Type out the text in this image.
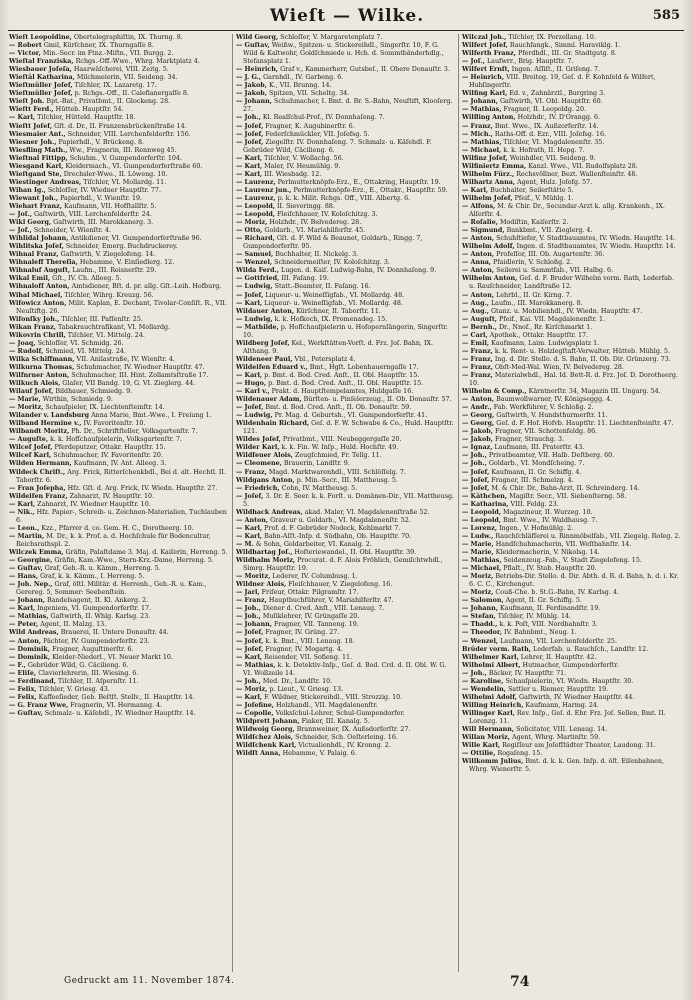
Wieſt — Wilke.	585

Wieſt Leopoldine, Obertelegraphiſtin, IX. Thurng. 8.

— Robert Gmil, Kürſchner, IX. Thurngaſſe 8.

— Victor, Min.-Secr. im Ftnz.-Miſtn., VII. Burgg. 2.

Wieſtal Franziska, Rchgs.-Off.-Wwe., Whrg. Marktplatz 4.

Wiesbauer Joſeſa, Haarwäſcherei, VIII. Zeitg. 5.

Wieſtäl Katharina, Milchmeierin, VII. Seideng. 34.

Wieſtmüller Joſef, Tiſchler, IX. Lazaretg. 17.

Wieſtmüller Joſef, p. Rchgs.-Off., II. Calefianergaſſe 8.

Wieſt Joh. Bpt.-Bat., Privatbmt., II. Glockeng. 28.

Wieſtt Ferd., Hütteb. Hauptſtr. 54.

— Karl, Tiſchler, Hütteld. Hauptſtr. 18.

Wieſtt Joſef, Gſt. d. Dr., II. Franzensbrückenſtraße 14.

Wiesmaier Ant., Schneider, VIII. Lerchenfelderſtr. 156.

Wiesner Joh., Papierhdl., V. Brückeng. 8.

Wiesfling Math., Ww., Fragnerin, III. Rennweg 45.

Wieſtnal Fittipp, Schuhm., V. Gumpendorferſtr. 104.

Wiesgand Karl, Kleidermach., VI. Gumpendorferſtraße 60.

Wieſtgand Ste, Drechsler-Wwe., II. Löweng. 10.

Wiestinger Andreas, Tiſchler, VI. Mollardg. 11.

Wihan Ig., Schloſſer, IV. Wiedner Hauptſtr. 77.

Wiewant Joh., Papierhdl., V. Wienſtr. 19.

Wiehart Franz, Kaufmann, VII. Hofſtallſtr. 5.

— Joſ., Gaſtwirth, VIII. Lerchenfelderſtr. 24.

Wikl Georg, Gaſtwirth, III. Marokkanerg. 3.

— Jof., Schneider, V. Wienſtr. 4.

Wihlidal Johann, Antikdiener, VI. Gumpendorferſtraße 96.

Wihlitska Joſef, Schneider, Emerg. Buchdruckerey.

Wihnal Franz, Gaſtwirth, V. Ziegelofeng. 14.

Wihnaleff Thereſia, Hebamme, V. Einſiedlerg. 12.

Wihnaluf Auguſt, Laufm., III. Reisnerſtr. 29.

Wikal Emil, Gſt., IV. Ch. Alleeg. 5.

Wihnalofſ Anton, Amtsdiener, Bſt. d. pr. allg. Gſt.-Leih. Hofburg.

Wihal Michael, Tiſchler, Wihrg. Kreuzg. 56.

Wifowicz Anton, Milit. Kaplan, E. Dechant, Tivolar-Conſiſt. R., VII. Neuſtiftg. 26.

Wifonſky Joh., Tiſchler, III. Pafſenſtr. 25.

Wikan Franz, Tabakrauchtrafikant, VI. Mollardg.

Wikovrin Chrill, Tiſchler, VI. Mittelg. 24.

— Joaq, Schloſſer, VI. Schmidg. 26.

— Rudolf, Schmied, VI. Mittelg. 24.

Wilka Schiffmann, VII. Anilastraße, IV. Wienſtr. 4.

Wilkurna Thomas, Schuhmacher, IV. Wiedner Hauptſtr. 47.

Wilfnrner Anton, Schuhmacher, III. Hint. Zollamtsſtraße 17.

Wilkuch Alois, Glaſer, VII Bandg. 19, G. VI. Zieglerg. 44.

Wilauf Joſef, Bildhauer, Schmiedg. 9.

— Marie, Wirthin, Schmiedg. 9.

— Moritz, Schauſpieler, IX. Liechtenſteinſtr. 14.

Wilander v. Landsburg Anna Marie, Bmt.-Wwe., I. Freiung 1.

Wilband Hermine v., IV. Favoritenſtr. 10.

Wilbandt Moritz, Ph. Dr., Schriftſteller, Volksgartenſtr. 7.

— Auguſte, k. k. Hofſchauſpielerin, Volksgartenſtr. 7.

Wilcef Joſef, Pferdeputzer, Ottakr. Hauptſtr. 15.

Wilcef Karl, Schuhmacher, IV. Favoritenſtr. 20.

Wilden Hermann, Kaufmann, IV. Ant. Alleeg. 3.

Wildeck Chriſt., Arg. Frick, Ritterſchenkbdl., Bei d. alt. Hechtl. II. Taborſtr. 6.

— Fran Joſepha, Hfz. Gſt. d. Arg. Frick, IV. Wiedn. Hauptſtr. 27.

Wildeifen Franz, Zahnarzt, IV. Hauptſtr. 10.

— Karl, Zahnarzt, IV. Wiedner Hauptſtr. 10.

— Nik., Hfz. Papier-, Schreib- u. Zeichnen-Materialien, Tuchlauben 6.

— Leon., Kzz., Pfarrer d. co. Gem. H. C., Dorotheerg. 10.

— Martin, M. Dr., k. k. Prof. a. d. Hochſchule für Bodencultur, Reichsrathspl. 2.

Wilczek Emma, Gräfin, Palaſtdame 3. Maj. d. Kaiſerin, Herreng. 5.

— Georgine, Gräfin, Kam.-Wwe., Stern-Krz.-Dame, Herreng. 5.

— Guſtav, Graf, Geh.-R. u. Kämm., Herreng. 5.

— Hans, Graf, k. k. Kämm., I. Herreng. 5.

— Joh. Nep., Graf, öſtl. Militär. d. Herrenh., Geh.-R. u. Kam., Gerereg. 5, Sommer: Seebenſtein.

— Johann, Bandelsagent, II. Kl. Ankerg. 2.

— Karl, Ingeniem, VI. Gumpendorferſtr. 17.

— Mathias, Gaſtwirth, II. Whlg. Karlsg. 23.

— Peter, Agent, II. Malzg. 13.

Wild Andreas, Brauerei, II. Untere Donauſtr. 44.

— Anton, Pächter, IV. Gumpendorferſtr. 23.

— Dominik, Fragner, Auguſtinerſtr. 6.

— Dominik, Kleider-Niederl., VI. Neuer Markt 10.

— F., Gebrüder Wild, G. Cäcilieng. 6.

— Eliſe, Clavierlehrerin, III. Wiesing. 6.

— Ferdinand, Tiſchler, II. Aſpernſtr. 11.

— Felix, Tiſchler, V. Griesg. 43.

— Felix, Kaffeeſieder, Geb. Beſtſt. Stellv., II. Hauptſtr. 14.

— G. Franz Wwe, Fragnerin, VI. Hermanng. 4.

— Guſtav, Schmalz- u. Käſehdl., IV. Wiedner Hauptſtr. 14.

Wild Georg, Schloſſer, V. Margaretenplatz 7.

— Guſtav, Weißw., Spitzen- u. Stickereihdl., Singerſtr. 10, F. G. Wild & Kaltwohr, Goldſchmiede u. Hch. d. Sommtbänderhdlg., Stefansplatz 1.

— Heinrich, Graf v., Kammerherr, Gutsbeſ., II. Obere Donauſtr. 3.

— J. G., Garnhdl., IV. Garbeng. 6.

— Jakob, K., VII. Brunng. 14.

— Jakob, Spitzen, VII. Scheltg. 34.

— Johann, Schuhmacher, I. Bmt. d. Br. S.-Bahn, Neuſtift, Klooſerg. 27.

— Joh., Kl. Realſchul-Prof., IV. Donnhaſeng. 7.

— Joſef, Fragner, K. Augubinerſtr. 6.

— Joſef, Federſchmückler, VII. Joſefsg. 5.

— Joſef, Ziegelſtr. IV. Donnhaſeng. 7. Schmalz- u. Käſehdl. F. Gebrüder Wild, Cäcilieng. 6.

— Karl, Tiſchler, V. Wollachg. 56.

— Karl, Maler, IV. Heumühlg. 9.

— Karl, III. Wiesbadg. 12.

— Laurenz, Perlmutterknöpfe-Erz., E., Ottakring, Hauptſtr. 19.

— Laurenz jun., Perlmutterknöpfe-Erz., E., Ottakr., Hauptſtr. 59.

— Laurenz, p. k. k. Milit. Rchgs. Off., VIII. Albertg. 6.

— Leopold, II. Sieveringg. 88.

— Leopold, Fleiſchhauer, IV. Koloſchitzg. 3.

— Moriz, Holzhdr., IV. Belvedereg. 28.

— Otto, Goldarb., VI. Mariahilferſtr. 45.

— Richard, Gſt. d. F. Wild & Beaunet, Goldarb., Ringg. 7, Gumpendorferſtr. 95.

— Samuel, Buchhalter, II. Nickelg. 3.

— Wenzel, Schneidermeiſter, IV. Koloſchitzg. 3.

Wilda Ferd., Lugen. d. Kaiſ. Ludwig-Bahn, IV. Donnhaſeng. 9.

— Gottfried, III. Faſang. 19.

— Ludwig, Statt.-Beamter, II. Faſang. 16.

— Joſef, Liqueur- u. Weineſſigfab., VI. Mollardg. 48.

— Karl, Liqueur- u. Weineſſigfab., VI. Mollardg. 48.

Wildauer Anton, Kürſchner, II. Taborſtr. 11.

— Ludwig, k. k. Hofkoch, IX. Promenadeg. 15.

— Mathilde, p. Hofſchauſpielerin u. Hofopernſängerin, Singerſtr. 10.

Wildberg Joſef, Kel., Werkſtätten-Vorſt. d. Frz. Joſ. Bahn, IX. Althang. 9.

Wildeneer Paul, Vbl., Petersplatz 4.

Wildeifen Eduard v., Bmt., Hgſt. Lobenhauerngaſſe 17.

— Karl, p. Bmt. d. Bod. Cred. Anſt., II. Obl. Hauptſtr. 15.

— Hugo, p. Bmt. d. Bod. Cred. Anſt., II. Obl. Hauptſtr. 15.

— Karl v., Prakt. d. Hauptſtempelamtes, Huldgaſſe 16.

Wildenauer Adam, Bürſten- u. Pinſelerzeug., II. Ob. Donauſtr. 57.

— Joſef, Bmt. d. Bod. Cred. Anſt., II. Ob. Donauſtr. 59.

— Ludwig, Pr. Mag. d. Geburtsh., VI. Gumpendorferſtr. 41.

Wildenhain Richard, Geſ. d. F. W. Schwabe & Co., Huld. Hauptſtr. 121.

Wildes Joſef, Privatbmt., VIII. Neubeggergaſſe 20.

Wilder Karl, k. k. Fin. W. Inſp., Huld. Hochſtr. 49.

Wildfeuer Alois, Zeugſchmied, Fr. Tellg. 11.

— Cleomene, Brauerin, Landſtr. 9.

— Franz, Magd. Marktwarenhdl., VIII. Schlöſſelg. 7.

Wildgans Anton, p. Min.-Secr., III. Mattheusg. 5.

— Friedrich, Cohn, IV. Mattheusg. 5.

— Joſef, 3. Dr. E. Seer. k. k. Forſt. u. Domänen-Dir., VII. Mattheusg. 5.

Wildhack Andreas, akad. Maler, VI. Magdalenenſtraße 52.

— Anton, Graveur u. Goldarb., VI. Magdalenenſtr. 52.

— Karl, Prof. d. F. Gebrüder Nodeck, Kohlmarkt 7.

— Karl, Bahn-Aſſt.-Inſp. d. Südbahn, Ob. Hauptſtr. 70.

— M. & Sohn, Goldarbeiter, VI. Kanalg. 2.

Wildhartag Joſ., Hoſteriewandel., II. Obl. Hauptſtr. 39.

Wildhalm Moriz, Procurat. d. F. Alois Fröhlich, Gemiſchtwhdl., Simrg. Hauptſtr. 19.

— Moritz, Lederer, IV. Columbusg. 1.

Wildner Alois, Fleiſchhauer, V. Ziegelofeng. 16.

— Jarl, Friſeur, Ottakr. Pilgramſtr. 17.

— Franz, Hauptbuchführer, V. Mariahilferſtr. 47.

— Joh., Diener d. Cred. Anſt., VIII. Lenaug. 7.

— Joh., Muſiklehrer, IV. Grüngaſſe 20.

— Johann, Fragner, VII. Tanneng. 19.

— Joſef, Fragner, IV. Grüng. 27.

— Joſef, k. k. Bmt., VIII. Lenaug. 18.

— Joſef, Fragner, IV. Mogartg. 4.

— Karl, Reisender, VII. Sofieng. 11.

— Mathias, k. k. Detektiv-Inſp., Geſ. d. Bod. Crd. d. II. Obl. W. G. VI. Wollzeile 14.

— Joh., Med. Dr., Landſtr. 10.

— Moriz, p. Lieut., V. Griesg. 13.

— Karl, F. Wildner, Stickereihdl., VIII. Strozzig. 10.

— Joſefine, Holzhandl., VII. Magdalenenſtr.

— Copolle, Volksſchul-Lehrer, Schul-Gumpendorfer.

Wildprett Johann, Fiaker, III. Kanalg. 5.

Wildwoig Georg, Brannweiner, IX. Außsdorferſtr. 27.

Wildſchez Alois, Schneider, Sch. Oeſterleing. 16.

Wildſchenk Karl, Victualienhdl., IV. Kronng. 2.

Wildſt Anna, Hebamme, V. Palaig. 6.

Wilczal Joh., Tiſchler, IX. Porzellang. 10.

Wilfert Joſef, Rauchfangk., Simml. Haraviklg. 1.

Wilferth Franz, Pferdhdl., III. Gr. Stadtgutg. 8.

— Joſ., Laufwrr., Brig. Hauptſtr. 7.

Wilfert Ernſt, Ingen. Aſſiſt., II. Griſeng. 7.

— Heinrich, VIII. Breiteg. 19, Geſ. d. F. Kohnſeld & Wilfert, Hubſingerſtr.

Wilfing Karl, Ed. v., Zahnärztl., Burgring 3.

— Johann, Gaſtwirth, VI. Obl. Hauptſtr. 60.

— Mathias, Fragner, II. Leopoldg. 20.

Wilfling Anton, Holzhdr., IV. D'Orangg. 6.

— Franz, Bmt. Wwe., IX. Außzorferſtr. 14.

— Mich., Raths-Off. d. Ezr., VIII. Joſefsg. 16.

— Mathias, Tiſchler, VI. Magdalenenſtr. 35.

— Michael, k. k. Hofrath, II. Hepg. 7.

Wilfinz Joſef, Weinhdler, VII. Seideng. 9.

Wilfiniertz Emma, Kanzl. Wwe., VII. Rudolfsplatz 28.

Wilhelm Fürz., Rechsvöllner, Bezt. Wallenſteinſtr. 48.

Wilhartz Anna, Agent, Hulz. Joſefg. 57.

— Karl, Buchhalter, Seilerſtätte 5.

Wilhelm Joſef, Pfeif., V. Mühlg. 1.

— Alfons, M. & Chir. Dr., Secundar-Arzt k. allg. Krankenh., IX. Alſerſtr. 4.

— Roſalie, Modiſtin, Kaiſerſtr. 2.

— Sigmund, Bankbmt., VII. Zieglerg. 4.

— Anton, Schuhſtiefer, V. Stadtbauamtes, IV. Wiedn. Hauptſtr. 14.

Wilhelm Adolf, Ingen. d. Stadtbauamtes, IV. Wiedn. Hauptſtr. 14.

— Anton, Profeſſor, III. Ob. Augartenſtr. 36.

— Anna, Pfaidlerin, V. Schloßg. 2.

— Anton, Seilerei u. Sammtfab., VII. Halbg. 6.

Wilhelm Anton, Geſ. d. F. Bruder Wilhelm vorm. Rath, Lederfab. u. Rauſchneider, Landſtraße 12.

— Anton, Lehrbl., II. Gr. Kirng. 7.

— Aug., Laufm., III. Marokkanerg. 8.

— Aug., Gtanz. u. Mobilienhdl., IV. Wiedn. Hauptſtr. 47.

— Auguſt, Pfeif., Kai. VII. Magdalenenſtr. 1.

— Bernh., Dr., Nnof., Rr. Kirſchmarkt 1.

— Carl, Apothek., Ottakr. Hauptſtr. 17.

— Emil, Kaufmann, Laim. Ludwigsplatz 1.

— Franz, k. k. Rent- u. Holzlegſtaft-Verwalter, Hütteb. Mühlg. 5.

— Franz, Ing. d. Dir. Stello. d. S. Bahn, II. Ob. Dir. Grünzerg. 73.

— Franz, Obſt-Med-Wal. Wien, IV. Belvedereg. 28.

— Franz, Materialwhdl., Hal. Id. Bett-R. d. Frz. Joſ. D. Dorotheerg. 10.

Wilhelm & Comp., Kärntnerſtr. 34, Magazin III. Ungarg. 54.

— Anton, Baumwollwarner, IV. Königseggg. 4.

— Andr., Fab. Werkführer, V. Schloßg. 2.

— Georg, Gaſtwirth, V. Hundsthurmerſtr. 11.

— Georg, Geſ. d. F. Hof. Hofvb. Hauptſtr. 11. Liechtenſteinſtr. 47.

— Jakob, Fragner, VII. Schottenfeldg. 86.

— Jakob, Fragner, Strauchg. 3.

— Ignaz, Laufmann, III. Praterſtr. 43.

— Joh., Privatbeamter, VII. Halb. Deſtberg. 60.

— Joh., Goldarb., VI. Mondſcheing. 7.

— Joſef, Kaufmann, II. Gr. Schiffg. 4.

— Joſef, Fragner, III. Schmelzg. 4.

— Joſef, M. & Chir. Dr., Bahn-Arzt, II. Schreinderg. 14.

— Käthchen, Magiſtr. Secr., VII. Siebenſterng. 58.

— Katharina, VIII. Feldg. 23.

— Leopold, Magazineur, II. Wurzeg. 10.

— Leopold, Bmt. Wwe., IV. Waldhausg. 7.

— Lorenz, Ingen., V. Hofmühlg. 2.

— Ludw., Rauchſchläfſerei u. Rinnmöbelfab., VII. Ziegelg. Roſeg. 2.

— Marie, Handſchuhmacherin, VII. Weſtbahnſtr. 14.

— Marie, Kleidermacherin, V. Nikolsg. 14.

— Mathias, Seidenzeug.-Fab., V. Stadt Ziegelofeng. 15.

— Michael, Pflaſt., IV. Stob. Hauptſtr. 20.

— Moriz, Betriebs-Dir. Stello. d. Dir. Abth. d. R. d. Bahn, h. d. i. Kr. 6. C. C., Kirchengut.

— Moriz, Couß-Che. b. St.G.-Bahn, IV. Karlsg. 4.

— Salomon, Agent, II. Gr. Schiffg. 5.

— Johann, Kaufmann, II. Ferdinandſtr. 19.

— Stefan, Tiſchler, IV. Mühlg. 14.

— Thadd., k. k. Poſt, VIII. Nordbahnſtr. 3.

— Theodor, IV. Bahnbmt., Neug. 1.

— Wenzel, Laufmann, VII. Lerchenfelderſtr. 25.

Brüder vorm. Rath, Lederfab. u. Rauchſch., Landſtr. 12.

Wilhelmer Karl, Lehrer, II. Hauptſtr. 42.

Wilhelmi Albert, Hutmacher, Gumpendorferſtr.

— Joh., Bäcker, IV. Hauptſtr. 71.

— Karoline, Schauſpielerin, VI. Wiedn. Hauptſtr. 30.

— Wendelin, Sattler u. Riemer, Hauptſtr. 19.

Wilhelmi Adolf, Gaſtwirth, IV. Wiedner Hauptſtr. 44.

Willing Heinrich, Kaufmann, Harmg. 24.

Willinger Karl, Rev. Inſp., Geſ. d. Ehr. Frz. Joſ. Sellen, Bmt. II. Lorenzg. 11.

Will Hermann, Solicitator, VIII. Lenaug. 14.

Willan Moriz, Agent, Whrg. Martinſtr. 59.

Wille Karl, Regiſſeur am Joſefſtädter Theater, Laudong. 31.

— Ottilie, Rogaſeng. 15.

Willkomm Julius, Bmt. d. k. k. Gen. Inſp. d. öſt. Eiſenbahnen, Whrg. Wienerſtr. 5.

Gedruckt am 11. November 1874.	74
